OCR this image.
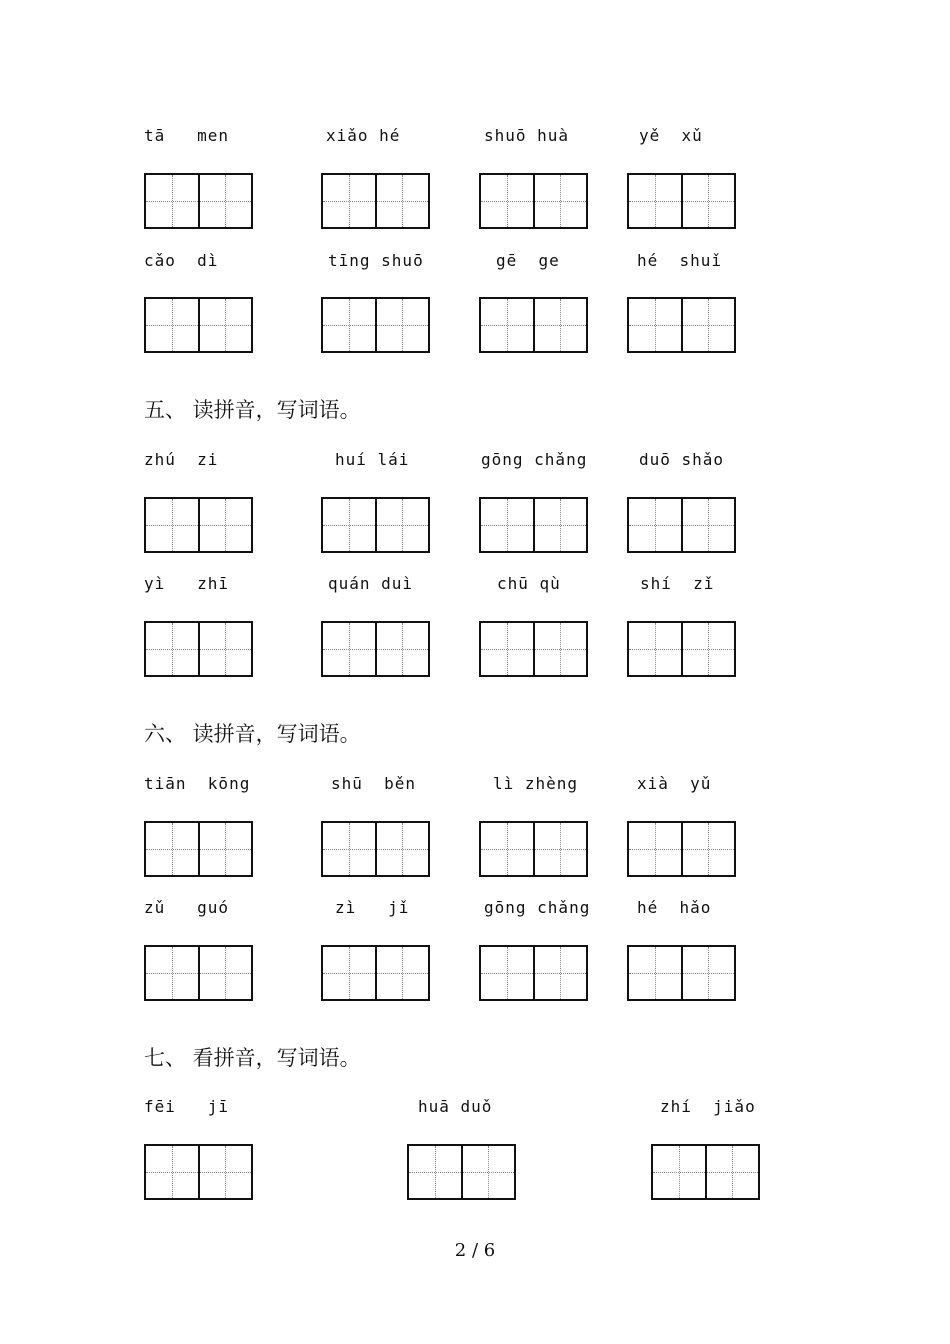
tā   men	xiǎo hé	shuō huà	yě  xǔ
cǎo  dì	tīng shuō	gē  ge	hé  shuǐ
五、 读拼音，写词语。
zhú  zi	huí lái	gōng chǎng	duō shǎo
yì   zhī	quán duì	chū qù	shí  zǐ
六、 读拼音，写词语。
tiān  kōng	shū  běn	lì zhèng	xià  yǔ
zǔ   guó	zì   jǐ	gōng chǎng	hé  hǎo
七、 看拼音，写词语。
fēi   jī	huā duǒ	zhí  jiǎo
2 / 6
